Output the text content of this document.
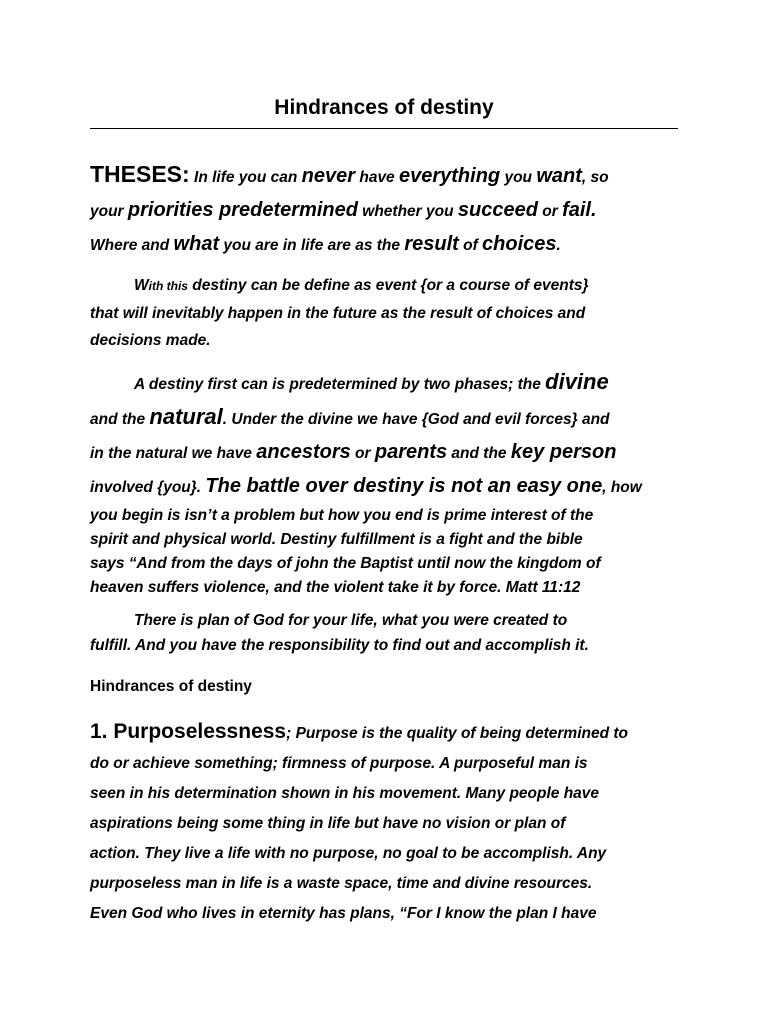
Hindrances of destiny
THESES: In life you can never have everything you want, so
your priorities predetermined whether you succeed or fail.
Where and what you are in life are as the result of choices.
With this destiny can be define as event {or a course of events}
that will inevitably happen in the future as the result of choices and
decisions made.
A destiny first can is predetermined by two phases; the divine
and the natural. Under the divine we have {God and evil forces} and
in the natural we have ancestors or parents and the key person
involved {you}. The battle over destiny is not an easy one, how
you begin is isn’t a problem but how you end is prime interest of the
spirit and physical world. Destiny fulfillment is a fight and the bible
says “And from the days of john the Baptist until now the kingdom of
heaven suffers violence, and the violent take it by force. Matt 11:12
There is plan of God for your life, what you were created to
fulfill. And you have the responsibility to find out and accomplish it.
Hindrances of destiny
1. Purposelessness; Purpose is the quality of being determined to
do or achieve something; firmness of purpose. A purposeful man is
seen in his determination shown in his movement. Many people have
aspirations being some thing in life but have no vision or plan of
action. They live a life with no purpose, no goal to be accomplish. Any
purposeless man in life is a waste space, time and divine resources.
Even God who lives in eternity has plans, “For I know the plan I have
